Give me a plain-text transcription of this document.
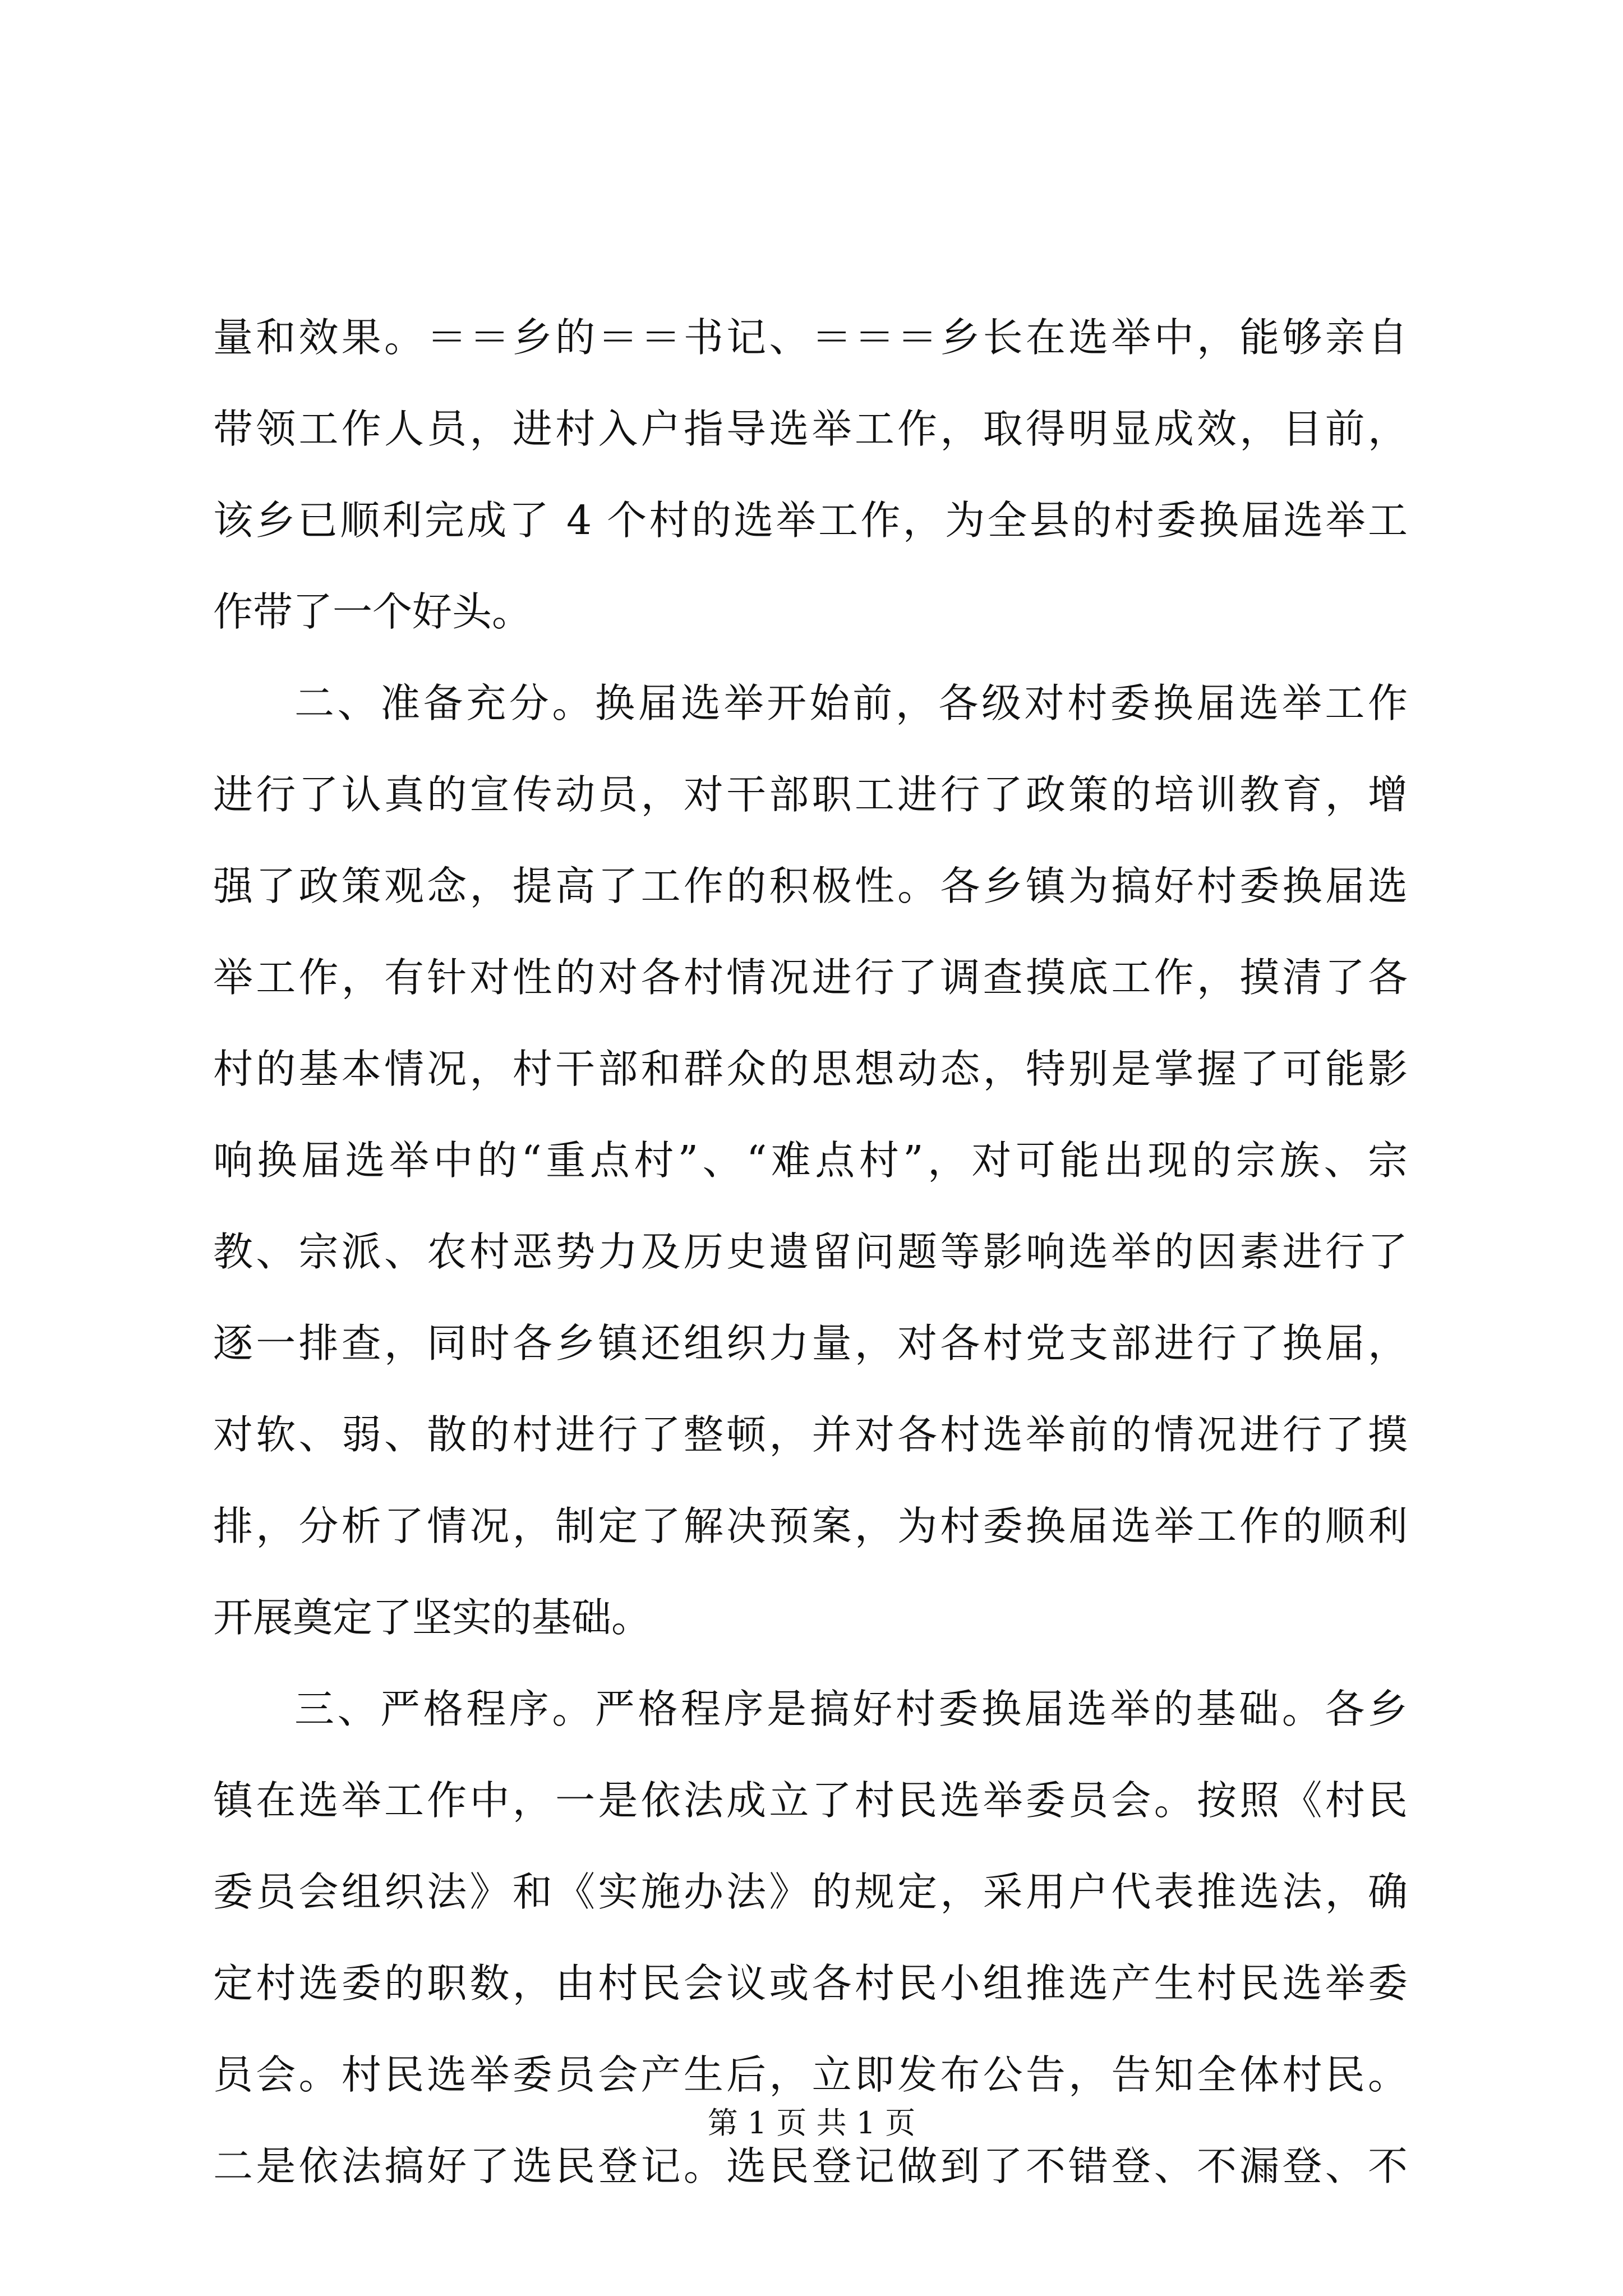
量和效果。＝＝乡的＝＝书记、＝＝＝乡长在选举中，能够亲自
带领工作人员，进村入户指导选举工作，取得明显成效，目前，
该乡已顺利完成了 4 个村的选举工作，为全县的村委换届选举工
作带了一个好头。
二、准备充分。换届选举开始前，各级对村委换届选举工作
进行了认真的宣传动员，对干部职工进行了政策的培训教育，增
强了政策观念，提高了工作的积极性。各乡镇为搞好村委换届选
举工作，有针对性的对各村情况进行了调查摸底工作，摸清了各
村的基本情况，村干部和群众的思想动态，特别是掌握了可能影
响换届选举中的“重点村”、“难点村”，对可能出现的宗族、宗
教、宗派、农村恶势力及历史遗留问题等影响选举的因素进行了
逐一排查，同时各乡镇还组织力量，对各村党支部进行了换届，
对软、弱、散的村进行了整顿，并对各村选举前的情况进行了摸
排，分析了情况，制定了解决预案，为村委换届选举工作的顺利
开展奠定了坚实的基础。
三、严格程序。严格程序是搞好村委换届选举的基础。各乡
镇在选举工作中，一是依法成立了村民选举委员会。按照《村民
委员会组织法》和《实施办法》的规定，采用户代表推选法，确
定村选委的职数，由村民会议或各村民小组推选产生村民选举委
员会。村民选举委员会产生后，立即发布公告，告知全体村民。
二是依法搞好了选民登记。选民登记做到了不错登、不漏登、不
第 1 页 共 1 页
